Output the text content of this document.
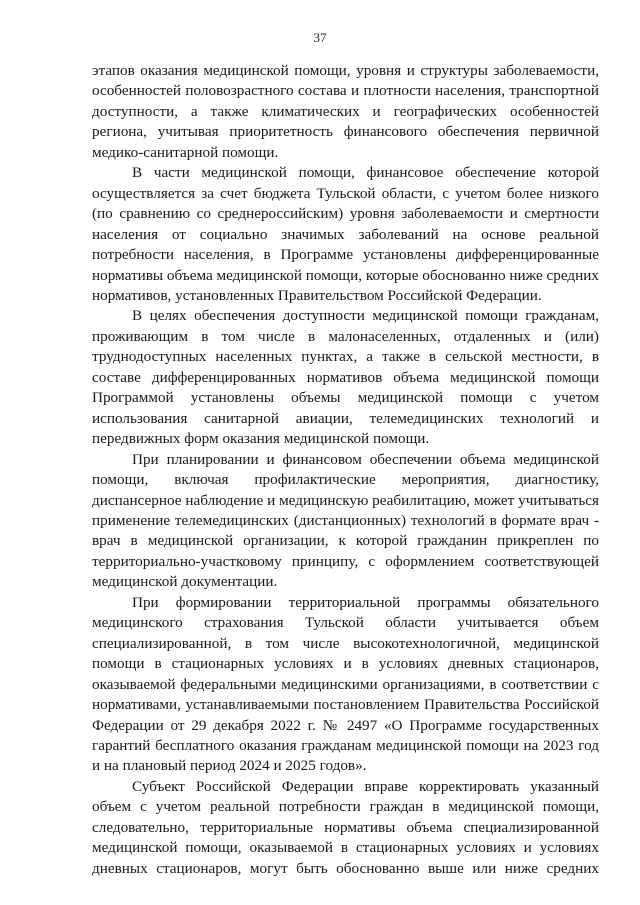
37

этапов оказания медицинской помощи, уровня и структуры заболеваемости, особенностей половозрастного состава и плотности населения, транспортной доступности, а также климатических и географических особенностей региона, учитывая приоритетность финансового обеспечения первичной медико-санитарной помощи.

В части медицинской помощи, финансовое обеспечение которой осуществляется за счет бюджета Тульской области, с учетом более низкого (по сравнению со среднероссийским) уровня заболеваемости и смертности населения от социально значимых заболеваний на основе реальной потребности населения, в Программе установлены дифференцированные нормативы объема медицинской помощи, которые обоснованно ниже средних нормативов, установленных Правительством Российской Федерации.

В целях обеспечения доступности медицинской помощи гражданам, проживающим в том числе в малонаселенных, отдаленных и (или) труднодоступных населенных пунктах, а также в сельской местности, в составе дифференцированных нормативов объема медицинской помощи Программой установлены объемы медицинской помощи с учетом использования санитарной авиации, телемедицинских технологий и передвижных форм оказания медицинской помощи.

При планировании и финансовом обеспечении объема медицинской помощи, включая профилактические мероприятия, диагностику, диспансерное наблюдение и медицинскую реабилитацию, может учитываться применение телемедицинских (дистанционных) технологий в формате врач - врач в медицинской организации, к которой гражданин прикреплен по территориально-участковому принципу, с оформлением соответствующей медицинской документации.

При формировании территориальной программы обязательного медицинского страхования Тульской области учитывается объем специализированной, в том числе высокотехнологичной, медицинской помощи в стационарных условиях и в условиях дневных стационаров, оказываемой федеральными медицинскими организациями, в соответствии с нормативами, устанавливаемыми постановлением Правительства Российской Федерации от 29 декабря 2022 г. № 2497 «О Программе государственных гарантий бесплатного оказания гражданам медицинской помощи на 2023 год и на плановый период 2024 и 2025 годов».

Субъект Российской Федерации вправе корректировать указанный объем с учетом реальной потребности граждан в медицинской помощи, следовательно, территориальные нормативы объема специализированной медицинской помощи, оказываемой в стационарных условиях и условиях дневных стационаров, могут быть обоснованно выше или ниже средних
